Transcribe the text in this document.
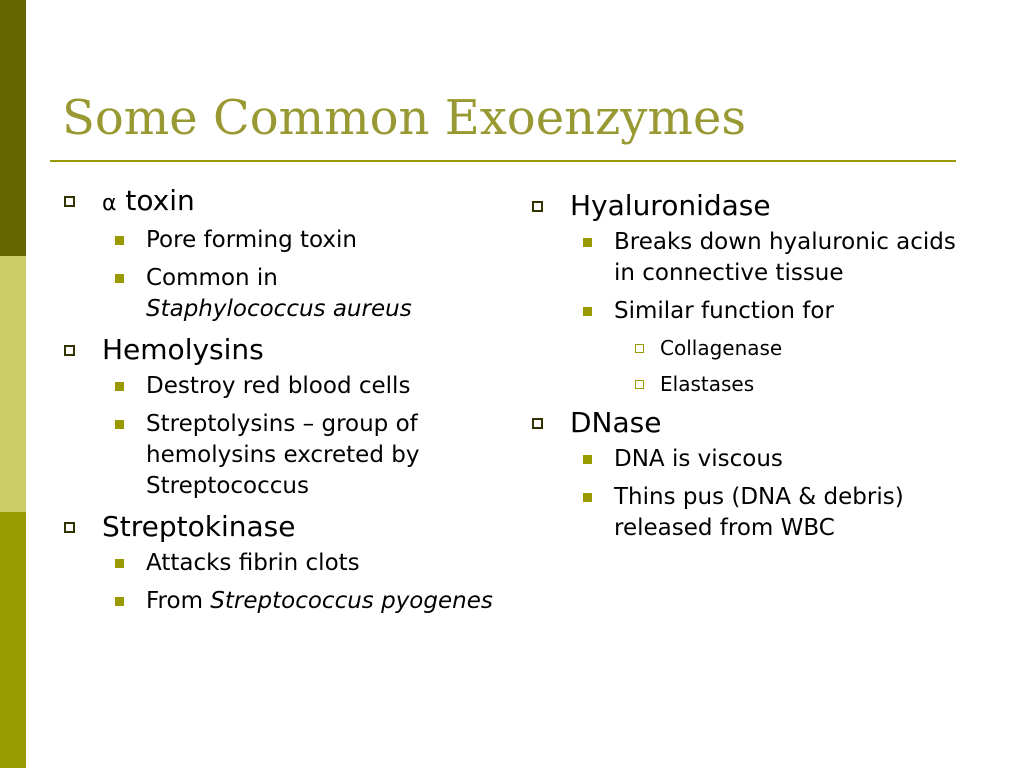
Some Common Exoenzymes
α toxin
Pore forming toxin
Common in
Staphylococcus aureus
Hemolysins
Destroy red blood cells
Streptolysins – group of hemolysins excreted by Streptococcus
Streptokinase
Attacks fibrin clots
From Streptococcus pyogenes
Hyaluronidase
Breaks down hyaluronic acids in connective tissue
Similar function for
Collagenase
Elastases
DNase
DNA is viscous
Thins pus (DNA & debris) released from WBC
